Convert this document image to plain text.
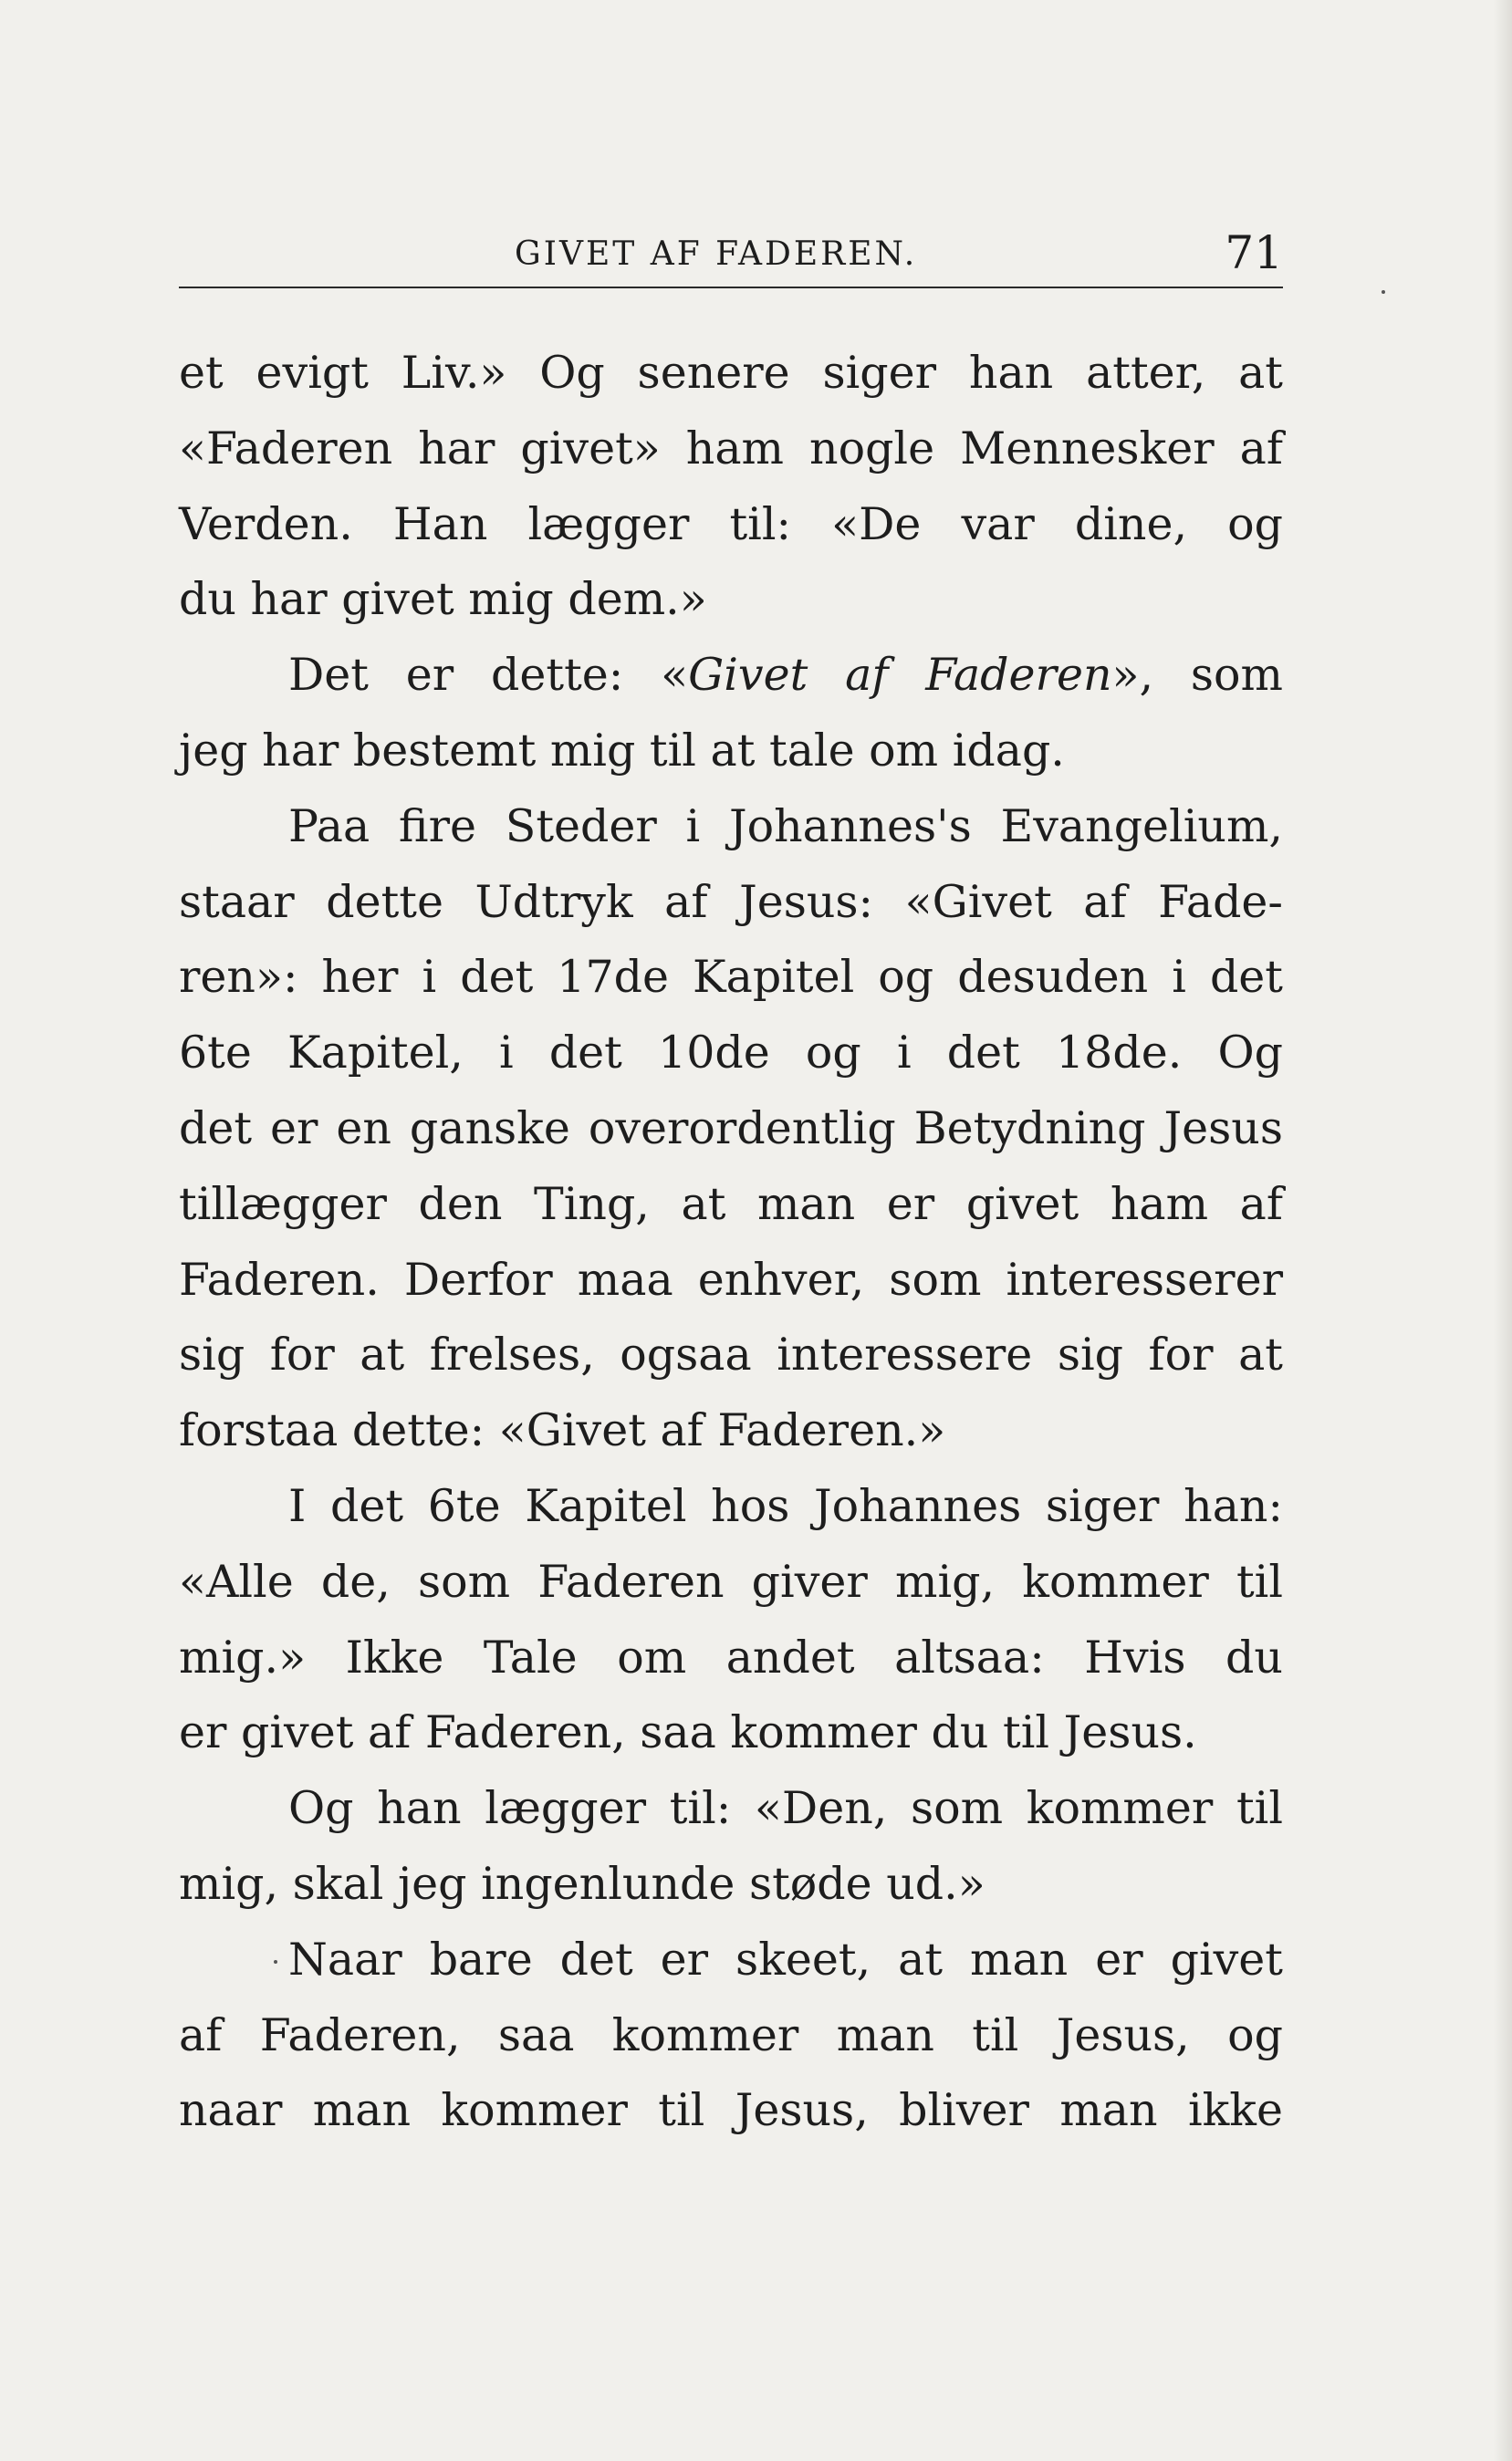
GIVET AF FADEREN.	71
et evigt Liv.» Og senere siger han atter, at
«Faderen har givet» ham nogle Mennesker af
Verden. Han lægger til: «De var dine, og
du har givet mig dem.»
Det er dette: «Givet af Faderen», som
jeg har bestemt mig til at tale om idag.
Paa fire Steder i Johannes's Evangelium,
staar dette Udtryk af Jesus: «Givet af Fade-
ren»: her i det 17de Kapitel og desuden i det
6te Kapitel, i det 10de og i det 18de. Og
det er en ganske overordentlig Betydning Jesus
tillægger den Ting, at man er givet ham af
Faderen. Derfor maa enhver, som interesserer
sig for at frelses, ogsaa interessere sig for at
forstaa dette: «Givet af Faderen.»
I det 6te Kapitel hos Johannes siger han:
«Alle de, som Faderen giver mig, kommer til
mig.» Ikke Tale om andet altsaa: Hvis du
er givet af Faderen, saa kommer du til Jesus.
Og han lægger til: «Den, som kommer til
mig, skal jeg ingenlunde støde ud.»
Naar bare det er skeet, at man er givet
af Faderen, saa kommer man til Jesus, og
naar man kommer til Jesus, bliver man ikke
